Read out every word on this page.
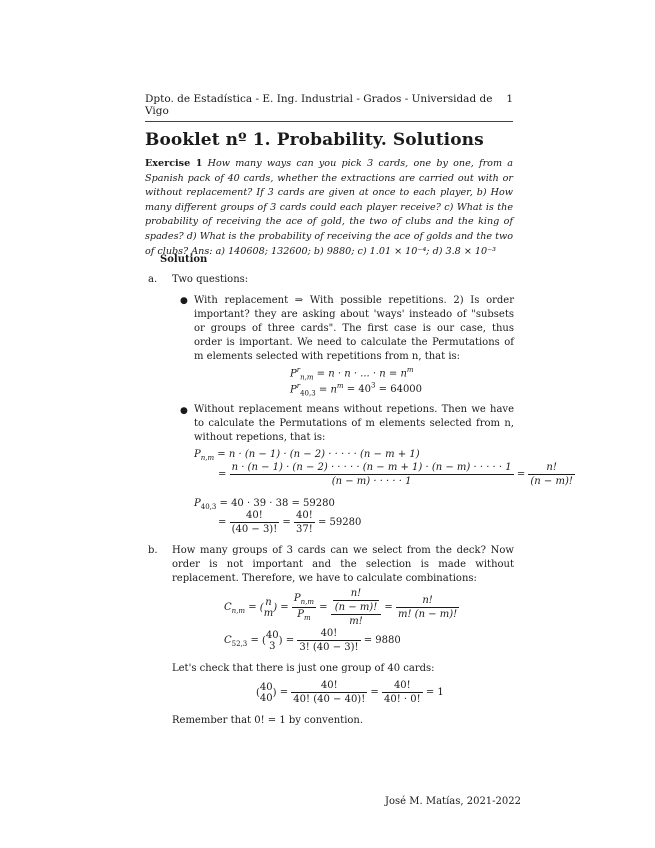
Dpto. de Estadística - E. Ing. Industrial - Grados - Universidad de Vigo
1
Booklet nº 1. Probability. Solutions
Exercise 1 How many ways can you pick 3 cards, one by one, from a Spanish pack of 40 cards, whether the extractions are carried out with or without replacement? If 3 cards are given at once to each player, b) How many different groups of 3 cards could each player receive? c) What is the probability of receiving the ace of gold, the two of clubs and the king of spades? d) What is the probability of receiving the ace of golds and the two of clubs? Ans: a) 140608; 132600; b) 9880; c) 1.01 × 10⁻⁴; d) 3.8 × 10⁻³
Solution
a. Two questions:
● With replacement ⇒ With possible repetitions. 2) Is order important? they are asking about 'ways' insteado of "subsets or groups of three cards". The first case is our case, thus order is important. We need to calculate the Permutations of m elements selected with repetitions from n, that is:
$P^r_{n,m} = n \cdot n$ · ... · $n = n^m$
$P^r_{40,3} = n^m = 40^3 = 64000$
● Without replacement means without repetions. Then we have to calculate the Permutations of m elements selected from n, without repetions, that is:
$P_{n,m} = n \cdot (n - 1) \cdot (n - 2)$ · · · · · (n − m + 1)
=
n · (n − 1) · (n − 2) · · · · · (n − m + 1) · (n − m) · · · · · 1
(n − m) · · · · · 1
= $\frac{n!}{(n - m)!}$
$P_{40,3} = 40 \cdot 39 \cdot 38 = 59280$
= $\frac{40!}{(40 - 3)!} = \frac{40!}{37!} = 59280$
b. How many groups of 3 cards can we select from the deck? Now order is not important and the selection is made without replacement. Therefore, we have to calculate combinations:
$C_{n,m}$ = ( n
m ) = $\frac{P_{n,m}}{P_m} = \frac{\frac{n!}{(n - m)!}}{m!} = \frac{n!}{m! (n - m)!}$
$C_{52,3}$ = ( 40
3 ) = $\frac{40!}{3! (40 - 3)!} = 9880$
Let's check that there is just one group of 40 cards:
( 40
40 ) = $\frac{40!}{40! (40 - 40)!} = \frac{40!}{40! \cdot 0!} = 1$
Remember that 0! = 1 by convention.
José M. Matías, 2021-2022
